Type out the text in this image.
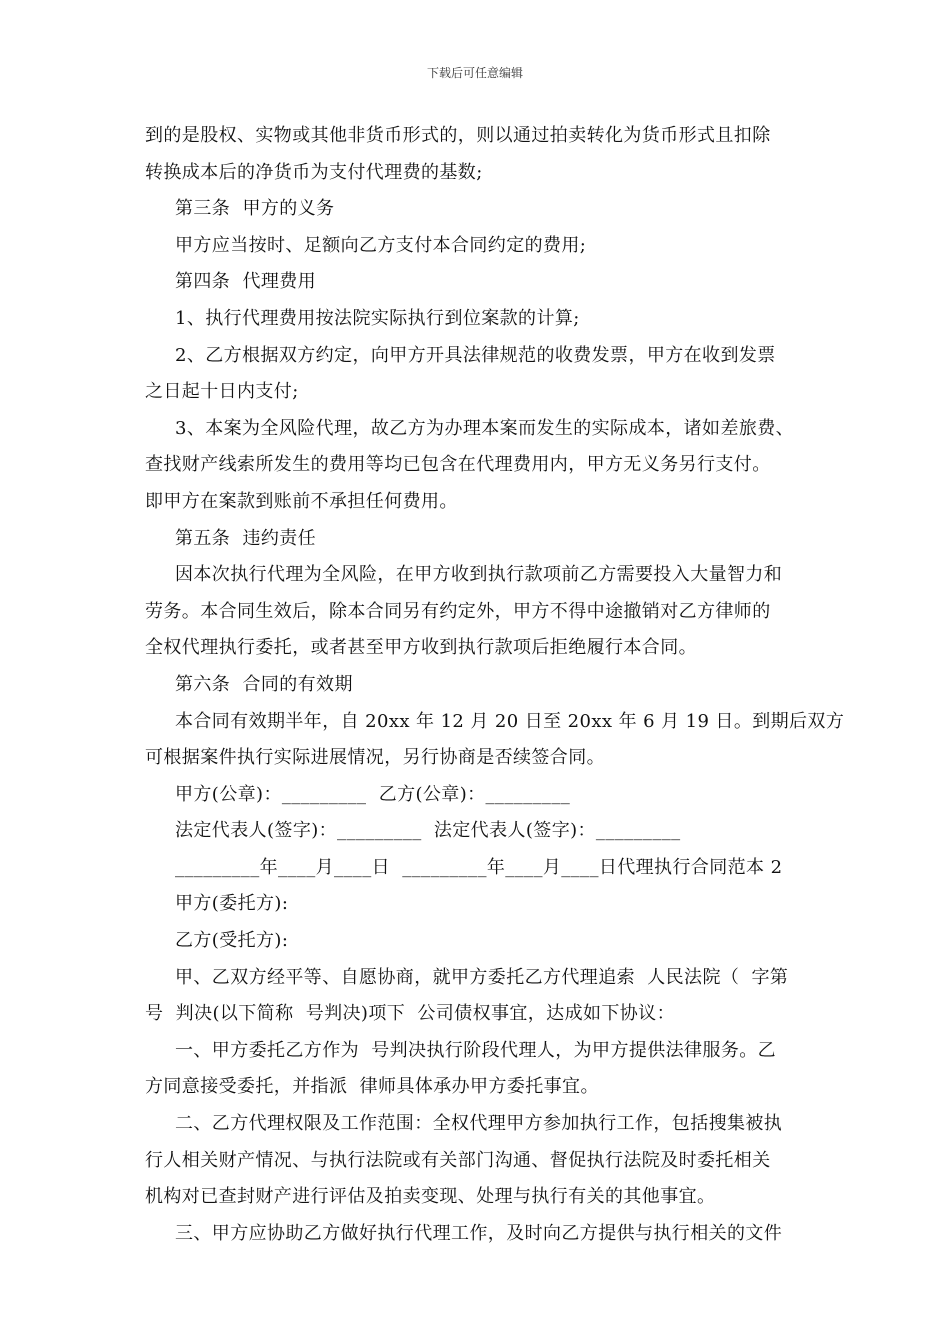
下载后可任意编辑
到的是股权、实物或其他非货币形式的，则以通过拍卖转化为货币形式且扣除
转换成本后的净货币为支付代理费的基数;
第三条  甲方的义务
甲方应当按时、足额向乙方支付本合同约定的费用;
第四条  代理费用
1、执行代理费用按法院实际执行到位案款的计算;
2、乙方根据双方约定，向甲方开具法律规范的收费发票，甲方在收到发票
之日起十日内支付;
3、本案为全风险代理，故乙方为办理本案而发生的实际成本，诸如差旅费、
查找财产线索所发生的费用等均已包含在代理费用内，甲方无义务另行支付。
即甲方在案款到账前不承担任何费用。
第五条  违约责任
因本次执行代理为全风险，在甲方收到执行款项前乙方需要投入大量智力和
劳务。本合同生效后，除本合同另有约定外，甲方不得中途撤销对乙方律师的
全权代理执行委托，或者甚至甲方收到执行款项后拒绝履行本合同。
第六条  合同的有效期
本合同有效期半年，自 20xx 年 12 月 20 日至 20xx 年 6 月 19 日。到期后双方
可根据案件执行实际进展情况，另行协商是否续签合同。
甲方(公章)：_________  乙方(公章)：_________
法定代表人(签字)：_________  法定代表人(签字)：_________
_________年____月____日  _________年____月____日代理执行合同范本 2
甲方(委托方):
乙方(受托方):
甲、乙双方经平等、自愿协商，就甲方委托乙方代理追索  人民法院（  字第
号  判决(以下简称  号判决)项下  公司债权事宜，达成如下协议：
一、甲方委托乙方作为  号判决执行阶段代理人，为甲方提供法律服务。乙
方同意接受委托，并指派  律师具体承办甲方委托事宜。
二、乙方代理权限及工作范围：全权代理甲方参加执行工作，包括搜集被执
行人相关财产情况、与执行法院或有关部门沟通、督促执行法院及时委托相关
机构对已查封财产进行评估及拍卖变现、处理与执行有关的其他事宜。
三、甲方应协助乙方做好执行代理工作，及时向乙方提供与执行相关的文件
